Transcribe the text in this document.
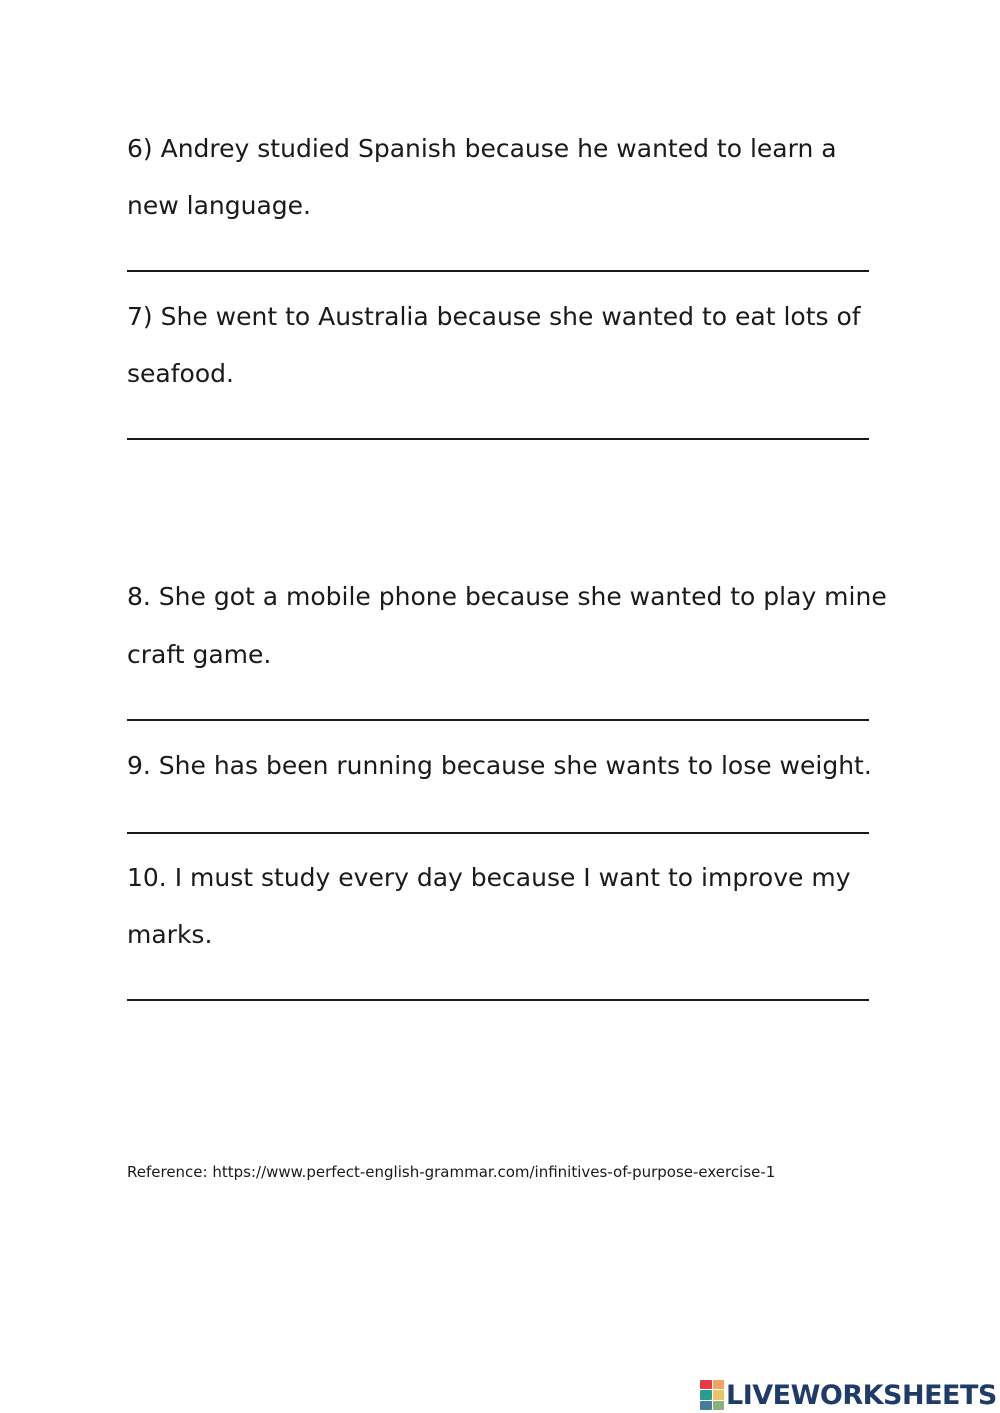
6) Andrey studied Spanish because he wanted to learn a
new language.
7) She went to Australia because she wanted to eat lots of
seafood.
8. She got a mobile phone because she wanted to play mine
craft game.
9. She has been running because she wants to lose weight.
10. I must study every day because I want to improve my
marks.
Reference: https://www.perfect-english-grammar.com/infinitives-of-purpose-exercise-1
LIVEWORKSHEETS
